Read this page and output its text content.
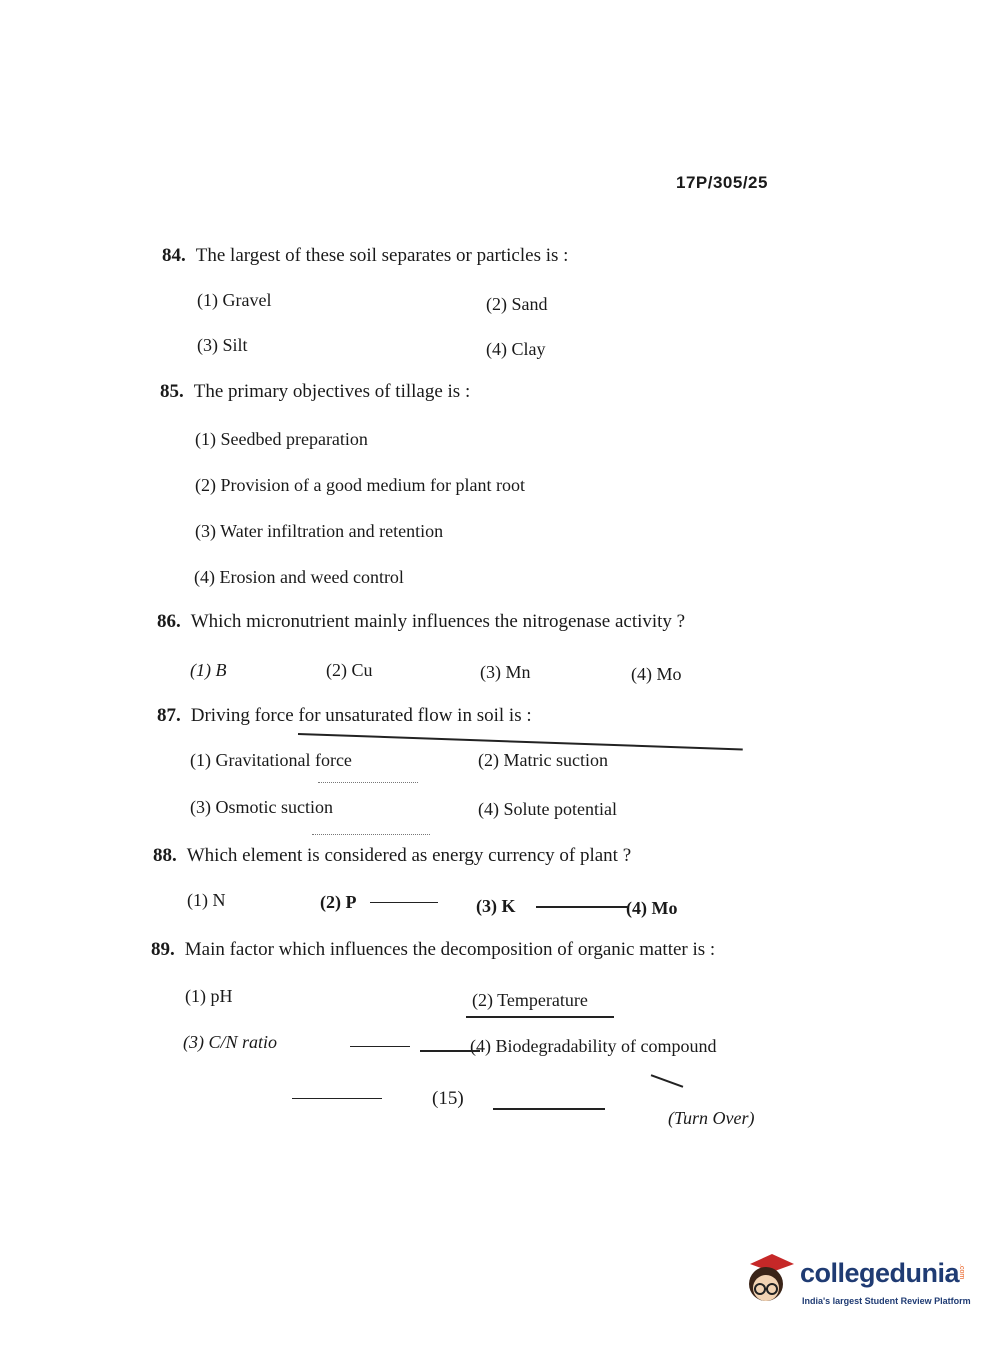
17P/305/25
84. The largest of these soil separates or particles is :
(1) Gravel	(2) Sand
(3) Silt	(4) Clay
85. The primary objectives of tillage is :
(1) Seedbed preparation
(2) Provision of a good medium for plant root
(3) Water infiltration and retention
(4) Erosion and weed control
86. Which micronutrient mainly influences the nitrogenase activity ?
(1) B	(2) Cu	(3) Mn	(4) Mo
87. Driving force for unsaturated flow in soil is :
(1) Gravitational force	(2) Matric suction
(3) Osmotic suction	(4) Solute potential
88. Which element is considered as energy currency of plant ?
(1) N	(2) P	(3) K	(4) Mo
89. Main factor which influences the decomposition of organic matter is :
(1) pH	(2) Temperature
(3) C/N ratio	(4) Biodegradability of compound
(15)
(Turn Over)
collegedunia
.com
India's largest Student Review Platform
